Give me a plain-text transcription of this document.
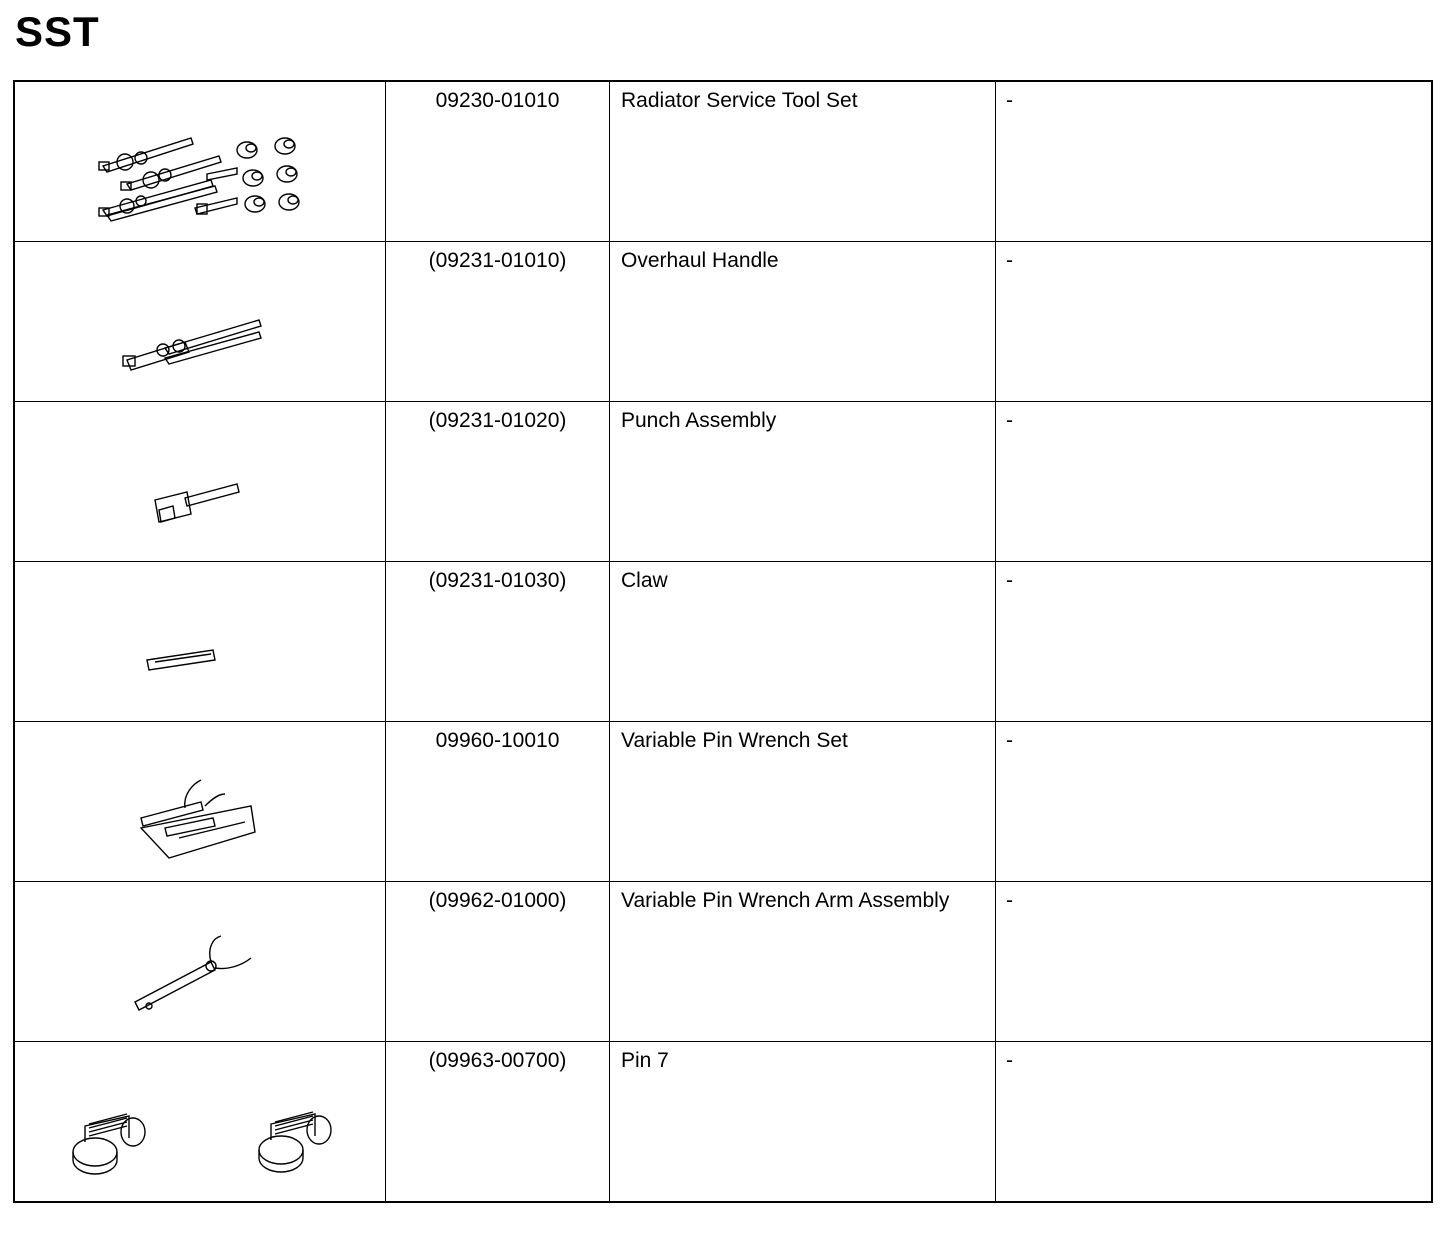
SST

09230-01010	Radiator Service Tool Set	-

(09231-01010)	Overhaul Handle	-

(09231-01020)	Punch Assembly	-

(09231-01030)	Claw	-

09960-10010	Variable Pin Wrench Set	-

(09962-01000)	Variable Pin Wrench Arm Assembly	-

(09963-00700)	Pin 7	-
